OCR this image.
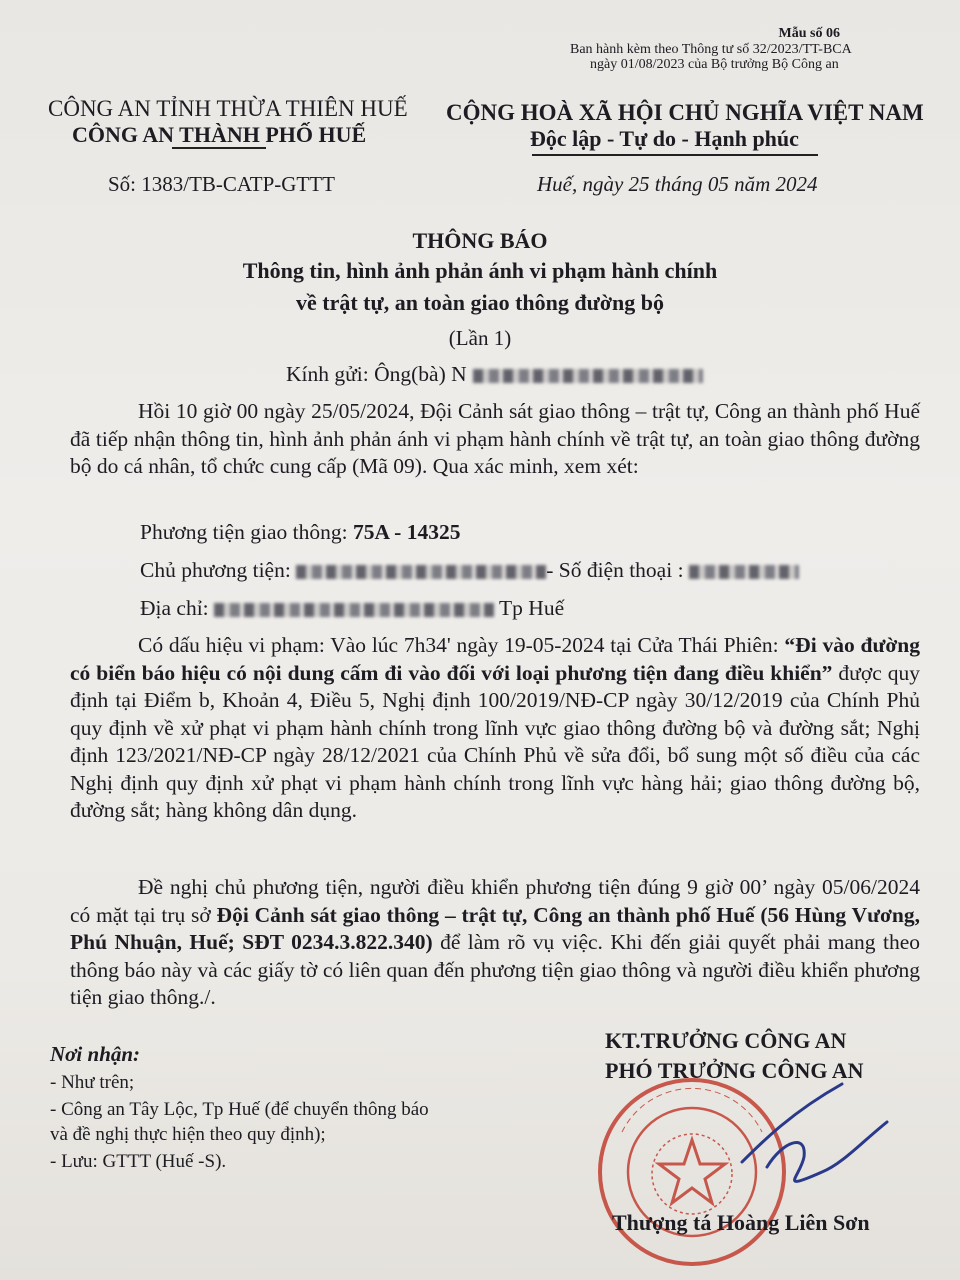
Mẫu số 06
Ban hành kèm theo Thông tư số 32/2023/TT-BCA
ngày 01/08/2023 của Bộ trưởng Bộ Công an
CÔNG AN TỈNH THỪA THIÊN HUẾ
CÔNG AN THÀNH PHỐ HUẾ
Số: 1383/TB-CATP-GTTT
CỘNG HOÀ XÃ HỘI CHỦ NGHĨA VIỆT NAM
Độc lập - Tự do - Hạnh phúc
Huế, ngày 25 tháng 05 năm 2024
THÔNG BÁO
Thông tin, hình ảnh phản ánh vi phạm hành chính
về trật tự, an toàn giao thông đường bộ
(Lần 1)
Kính gửi: Ông(bà) N

Hồi 10 giờ 00 ngày 25/05/2024, Đội Cảnh sát giao thông – trật tự, Công an thành phố Huế đã tiếp nhận thông tin, hình ảnh phản ánh vi phạm hành chính về trật tự, an toàn giao thông đường bộ do cá nhân, tổ chức cung cấp (Mã 09). Qua xác minh, xem xét:

Phương tiện giao thông: 75A - 14325
Chủ phương tiện:	- Số điện thoại :
Địa chỉ:	Tp Huế

Có dấu hiệu vi phạm: Vào lúc 7h34' ngày 19-05-2024 tại Cửa Thái Phiên: “Đi vào đường có biển báo hiệu có nội dung cấm đi vào đối với loại phương tiện đang điều khiển” được quy định tại Điểm b, Khoản 4, Điều 5, Nghị định 100/2019/NĐ-CP ngày 30/12/2019 của Chính Phủ quy định về xử phạt vi phạm hành chính trong lĩnh vực giao thông đường bộ và đường sắt; Nghị định 123/2021/NĐ-CP ngày 28/12/2021 của Chính Phủ về sửa đổi, bổ sung một số điều của các Nghị định quy định xử phạt vi phạm hành chính trong lĩnh vực hàng hải; giao thông đường bộ, đường sắt; hàng không dân dụng.

Đề nghị chủ phương tiện, người điều khiển phương tiện đúng 9 giờ 00’ ngày 05/06/2024 có mặt tại trụ sở Đội Cảnh sát giao thông – trật tự, Công an thành phố Huế (56 Hùng Vương, Phú Nhuận, Huế; SĐT 0234.3.822.340) để làm rõ vụ việc. Khi đến giải quyết phải mang theo thông báo này và các giấy tờ có liên quan đến phương tiện giao thông và người điều khiển phương tiện giao thông./.

Nơi nhận:
- Như trên;
- Công an Tây Lộc, Tp Huế (để chuyển thông báo
và đề nghị thực hiện theo quy định);
- Lưu: GTTT (Huế -S).
KT.TRƯỞNG CÔNG AN
PHÓ TRƯỞNG CÔNG AN
Thượng tá Hoàng Liên Sơn
